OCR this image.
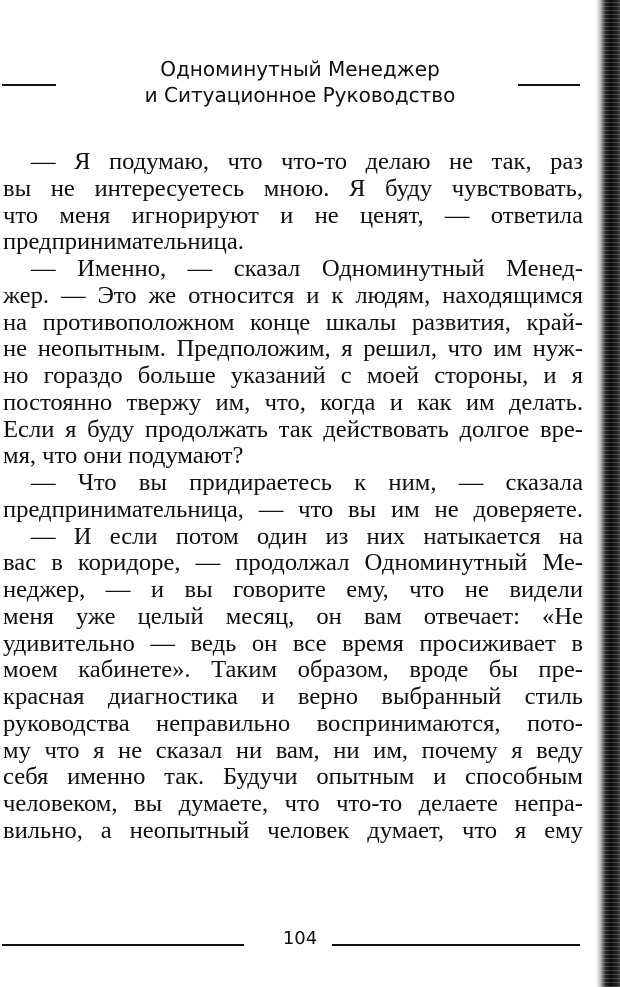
Одноминутный Менеджер
и Ситуационное Руководство
— Я подумаю, что что-то делаю не так, раз
вы не интересуетесь мною. Я буду чувствовать,
что меня игнорируют и не ценят, — ответила
предпринимательница.
— Именно, — сказал Одноминутный Менед-
жер. — Это же относится и к людям, находящимся
на противоположном конце шкалы развития, край-
не неопытным. Предположим, я решил, что им нуж-
но гораздо больше указаний с моей стороны, и я
постоянно твержу им, что, когда и как им делать.
Если я буду продолжать так действовать долгое вре-
мя, что они подумают?
— Что вы придираетесь к ним, — сказала
предпринимательница, — что вы им не доверяете.
— И если потом один из них натыкается на
вас в коридоре, — продолжал Одноминутный Ме-
неджер, — и вы говорите ему, что не видели
меня уже целый месяц, он вам отвечает: «Не
удивительно — ведь он все время просиживает в
моем кабинете». Таким образом, вроде бы пре-
красная диагностика и верно выбранный стиль
руководства неправильно воспринимаются, пото-
му что я не сказал ни вам, ни им, почему я веду
себя именно так. Будучи опытным и способным
человеком, вы думаете, что что-то делаете непра-
вильно, а неопытный человек думает, что я ему
104
